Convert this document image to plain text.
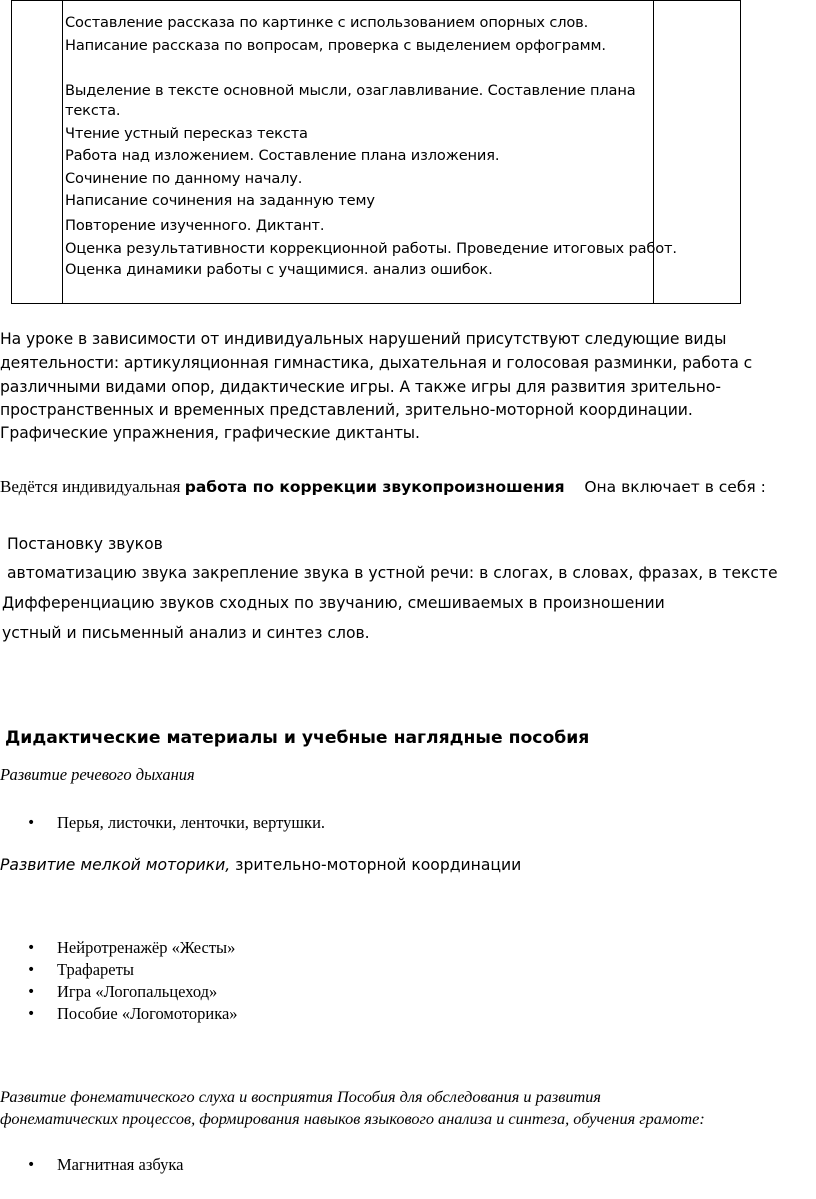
Составление рассказа по картинке с использованием опорных слов.
Написание рассказа по вопросам, проверка с выделением орфограмм.
Выделение в тексте основной мысли, озаглавливание. Составление плана
текста.
Чтение устный пересказ текста
Работа над изложением. Составление плана изложения.
Сочинение по данному началу.
Написание сочинения на заданную тему
Повторение изученного. Диктант.
Оценка результативности коррекционной работы. Проведение итоговых работ.
Оценка динамики работы с учащимися. анализ ошибок.

На уроке в зависимости от индивидуальных нарушений присутствуют следующие виды
деятельности: артикуляционная гимнастика, дыхательная и голосовая разминки, работа с
различными видами опор, дидактические игры. А также игры для развития зрительно-
пространственных и временных представлений, зрительно-моторной координации.
Графические упражнения, графические диктанты.
Ведётся индивидуальная работа по коррекции звукопроизношения    Она включает в себя :
Постановку звуков
автоматизацию звука закрепление звука в устной речи: в слогах, в словах, фразах, в тексте
Дифференциацию звуков сходных по звучанию, смешиваемых в произношении
устный и письменный анализ и синтез слов.
Дидактические материалы и учебные наглядные пособия
Развитие речевого дыхания
• Перья, листочки, ленточки, вертушки.
Развитие мелкой моторики, зрительно-моторной координации
• Нейротренажёр «Жесты»
• Трафареты
• Игра «Логопальцеход»
• Пособие «Логомоторика»
Развитие фонематического слуха и восприятия Пособия для обследования и развития
фонематических процессов, формирования навыков языкового анализа и синтеза, обучения грамоте:
• Магнитная азбука
